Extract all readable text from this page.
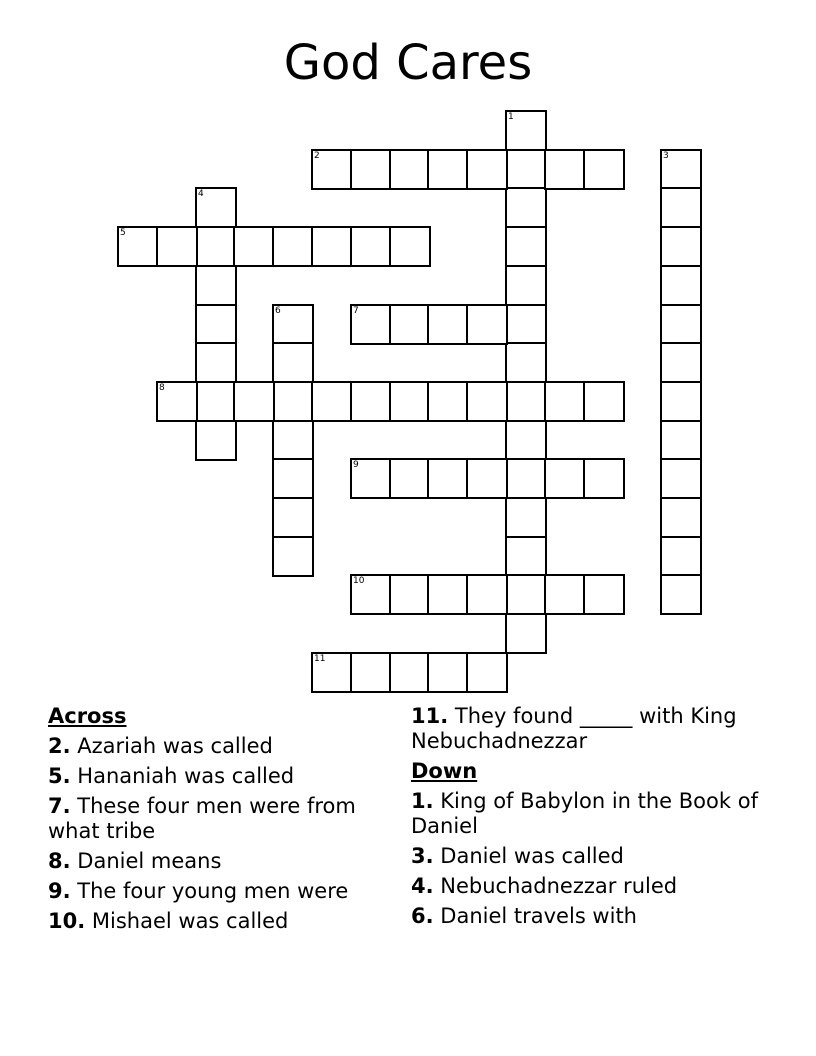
God Cares
1
2	3
4
5
6	7
8
9
10
11
Across
2. Azariah was called
5. Hananiah was called
7. These four men were from what tribe
8. Daniel means
9. The four young men were
10. Mishael was called
11. They found _____ with King Nebuchadnezzar
Down
1. King of Babylon in the Book of Daniel
3. Daniel was called
4. Nebuchadnezzar ruled
6. Daniel travels with
